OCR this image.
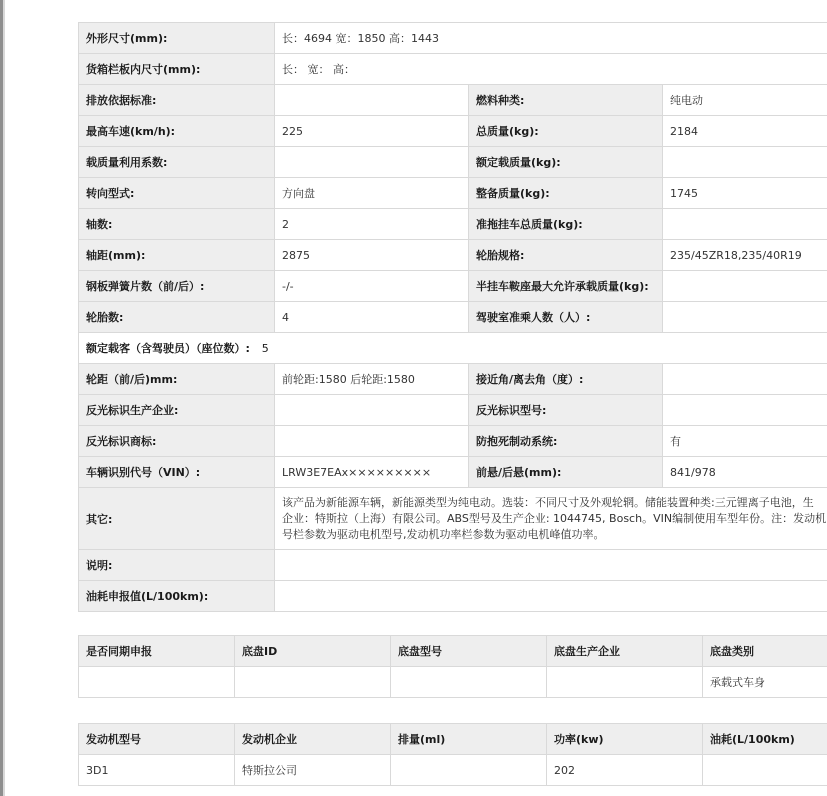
外形尺寸(mm):	长：4694 宽：1850 高：1443		
货箱栏板内尺寸(mm):	长： 宽： 高：		
排放依据标准:		燃料种类:	纯电动
最高车速(km/h):	225	总质量(kg):	2184
载质量利用系数:		额定载质量(kg):	
转向型式:	方向盘	整备质量(kg):	1745
轴数:	2	准拖挂车总质量(kg):	
轴距(mm):	2875	轮胎规格:	235/45ZR18,235/40R19
钢板弹簧片数（前/后）:	-/-	半挂车鞍座最大允许承载质量(kg):	
轮胎数:	4	驾驶室准乘人数（人）:	
额定载客（含驾驶员）（座位数）: 5			
轮距（前/后)mm:	前轮距:1580 后轮距:1580	接近角/离去角（度）:	
反光标识生产企业:		反光标识型号:	
反光标识商标:		防抱死制动系统:	有
车辆识别代号（VIN）:	LRW3E7EAx×××××××××	前悬/后悬(mm):	841/978
其它:	该产品为新能源车辆，新能源类型为纯电动。选装：不同尺寸及外观轮辋。储能装置种类:三元锂离子电池，生
企业：特斯拉（上海）有限公司。ABS型号及生产企业: 1044745, Bosch。VIN编制使用车型年份。注：发动机
号栏参数为驱动电机型号,发动机功率栏参数为驱动电机峰值功率。		

说明:			
油耗申报值(L/100km):			
是否同期申报	底盘ID	底盘型号	底盘生产企业	底盘类别
				承载式车身
发动机型号	发动机企业	排量(ml)	功率(kw)	油耗(L/100km)
3D1	特斯拉公司		202	
